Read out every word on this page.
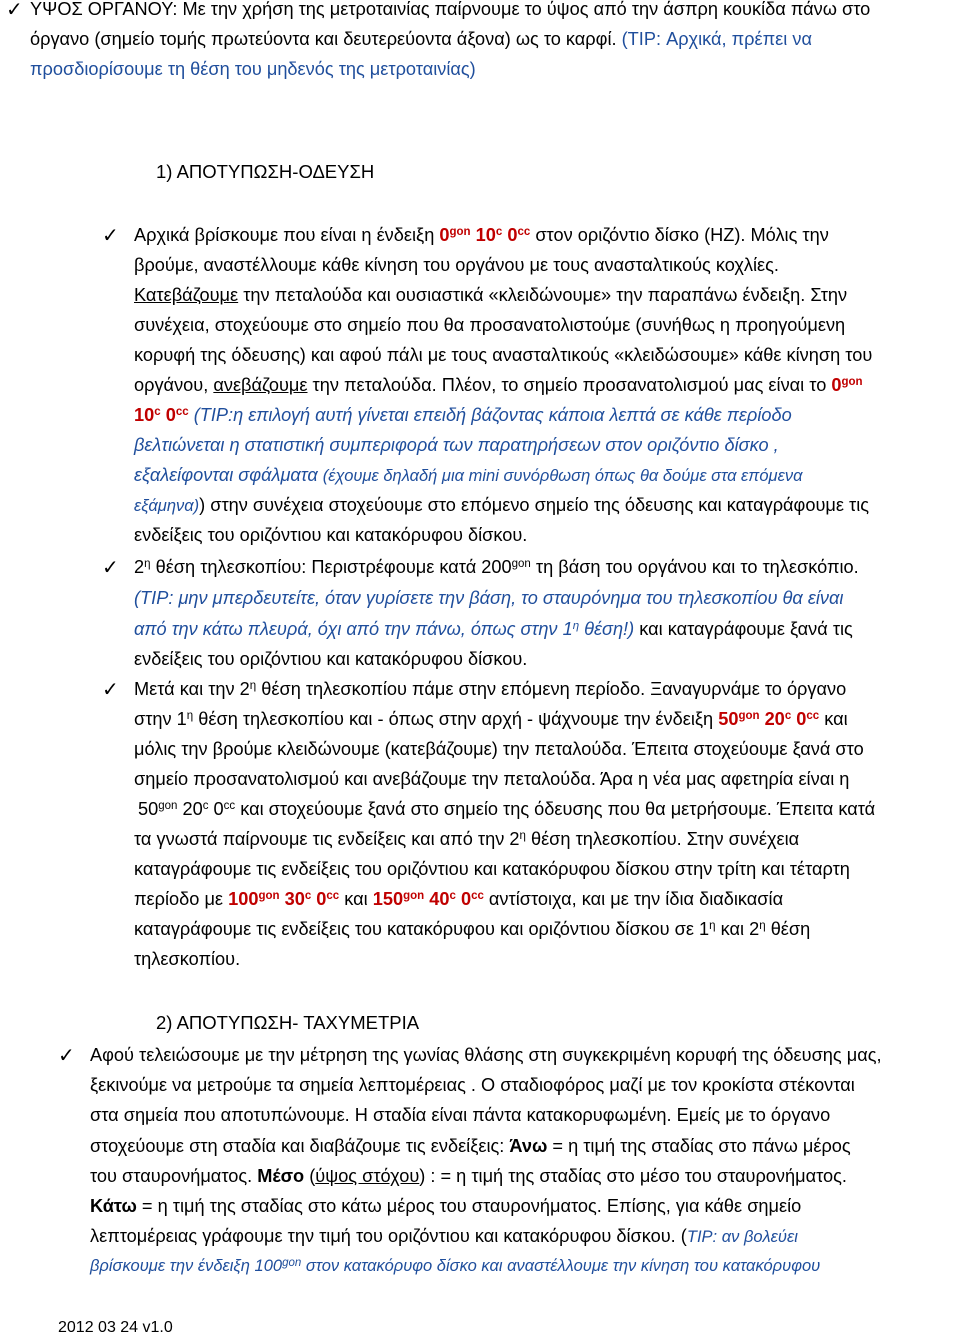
✓ ΥΨΟΣ ΟΡΓΑΝΟΥ: Με την χρήση της μετροταινίας παίρνουμε το ύψος από την άσπρη κουκίδα πάνω στο
όργανο (σημείο τομής πρωτεύοντα και δευτερεύοντα άξονα) ως το καρφί. (TIP: Αρχικά, πρέπει να
προσδιορίσουμε τη θέση του μηδενός της μετροταινίας)
1) ΑΠΟΤΥΠΩΣΗ-ΟΔΕΥΣΗ
✓ Αρχικά βρίσκουμε που είναι η ένδειξη $0^{gon}$ 10$^c$ $0^{cc}$ στον οριζόντιο δίσκο (HZ). Μόλις την
βρούμε, αναστέλλουμε κάθε κίνηση του οργάνου με τους ανασταλτικούς κοχλίες.
Κατεβάζουμε την πεταλούδα και ουσιαστικά «κλειδώνουμε» την παραπάνω ένδειξη. Στην
συνέχεια, στοχεύουμε στο σημείο που θα προσανατολιστούμε (συνήθως η προηγούμενη
κορυφή της όδευσης) και αφού πάλι με τους ανασταλτικούς «κλειδώσουμε» κάθε κίνηση του
οργάνου, ανεβάζουμε την πεταλούδα. Πλέον, το σημείο προσανατολισμού μας είναι το $0^{gon}$
10$^c$ $0^{cc}$ (TIP:η επιλογή αυτή γίνεται επειδή βάζοντας κάποια λεπτά σε κάθε περίοδο
βελτιώνεται η στατιστική συμπεριφορά των παρατηρήσεων στον οριζόντιο δίσκο ,
εξαλείφονται σφάλματα (έχουμε δηλαδή μια mini συνόρθωση όπως θα δούμε στα επόμενα
εξάμηνα)) στην συνέχεια στοχεύουμε στο επόμενο σημείο της όδευσης και καταγράφουμε τις
ενδείξεις του οριζόντιου και κατακόρυφου δίσκου.
✓ $2^\eta$ θέση τηλεσκοπίου: Περιστρέφουμε κατά $200^{gon}$ τη βάση του οργάνου και το τηλεσκόπιο.
(TIP: μην μπερδευτείτε, όταν γυρίσετε την βάση, το σταυρόνημα του τηλεσκοπίου θα είναι
από την κάτω πλευρά, όχι από την πάνω, όπως στην $1^\eta$ θέση!) και καταγράφουμε ξανά τις
ενδείξεις του οριζόντιου και κατακόρυφου δίσκου.
✓ Μετά και την $2^\eta$ θέση τηλεσκοπίου πάμε στην επόμενη περίοδο. Ξαναγυρνάμε το όργανο
στην $1^\eta$ θέση τηλεσκοπίου και - όπως στην αρχή - ψάχνουμε την ένδειξη $50^{gon}$ 20$^c$ $0^{cc}$ και
μόλις την βρούμε κλειδώνουμε (κατεβάζουμε) την πεταλούδα. Έπειτα στοχεύουμε ξανά στο
σημείο προσανατολισμού και ανεβάζουμε την πεταλούδα. Άρα η νέα μας αφετηρία είναι η
$50^{gon}$ 20$^c$ $0^{cc}$ και στοχεύουμε ξανά στο σημείο της όδευσης που θα μετρήσουμε. Έπειτα κατά
τα γνωστά παίρνουμε τις ενδείξεις και από την $2^\eta$ θέση τηλεσκοπίου. Στην συνέχεια
καταγράφουμε τις ενδείξεις του οριζόντιου και κατακόρυφου δίσκου στην τρίτη και τέταρτη
περίοδο με $100^{gon}$ 30$^c$ $0^{cc}$ και $150^{gon}$ 40$^c$ $0^{cc}$ αντίστοιχα, και με την ίδια διαδικασία
καταγράφουμε τις ενδείξεις του κατακόρυφου και οριζόντιου δίσκου σε $1^\eta$ και $2^\eta$ θέση
τηλεσκοπίου.
2) ΑΠΟΤΥΠΩΣΗ- ΤΑΧΥΜΕΤΡΙΑ
✓ Αφού τελειώσουμε με την μέτρηση της γωνίας θλάσης στη συγκεκριμένη κορυφή της όδευσης μας,
ξεκινούμε να μετρούμε τα σημεία λεπτομέρειας . Ο σταδιοφόρος μαζί με τον κροκίστα στέκονται
στα σημεία που αποτυπώνουμε. Η σταδία είναι πάντα κατακορυφωμένη. Εμείς με το όργανο
στοχεύουμε στη σταδία και διαβάζουμε τις ενδείξεις: Άνω = η τιμή της σταδίας στο πάνω μέρος
του σταυρονήματος. Μέσο (ύψος στόχου) : = η τιμή της σταδίας στο μέσο του σταυρονήματος.
Κάτω = η τιμή της σταδίας στο κάτω μέρος του σταυρονήματος. Επίσης, για κάθε σημείο
λεπτομέρειας γράφουμε την τιμή του οριζόντιου και κατακόρυφου δίσκου. (TIP: αν βολεύει
βρίσκουμε την ένδειξη $100^{gon}$ στον κατακόρυφο δίσκο και αναστέλλουμε την κίνηση του κατακόρυφου
2012 03 24 v1.0
